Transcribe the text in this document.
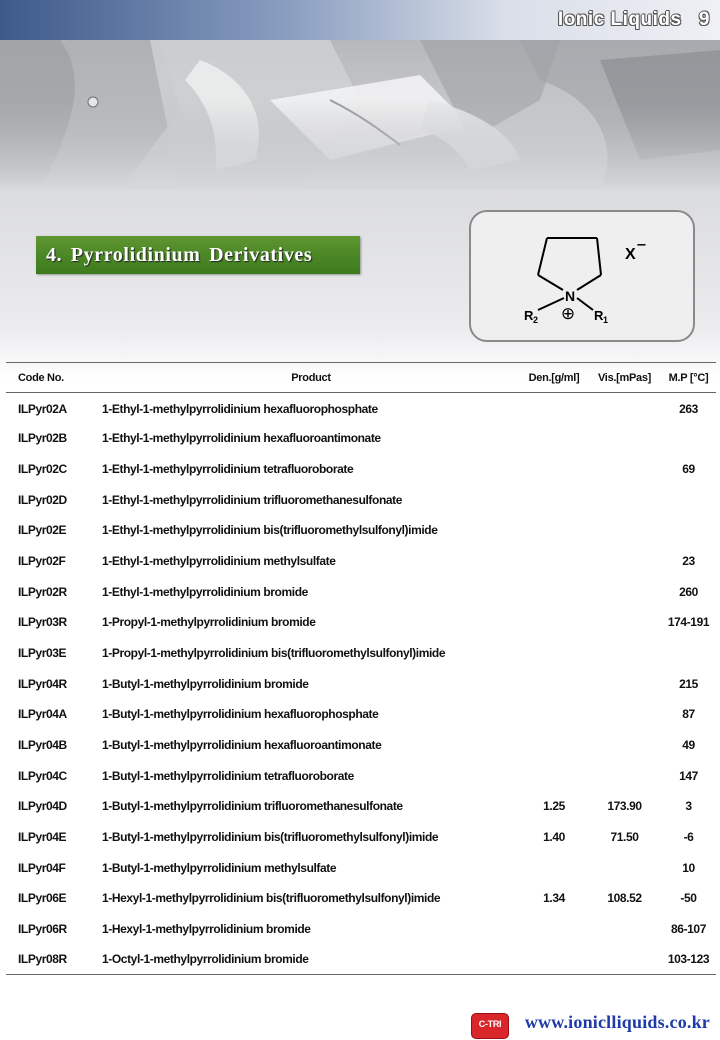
Ionic Liquids   9
4. Pyrrolidinium Derivatives
N
⊕
R 2	R 1
X
−
Code No.	Product	Den.[g/ml]	Vis.[mPas]	M.P [°C]
ILPyr02A	1-Ethyl-1-methylpyrrolidinium hexafluorophosphate			263
ILPyr02B	1-Ethyl-1-methylpyrrolidinium hexafluoroantimonate			
ILPyr02C	1-Ethyl-1-methylpyrrolidinium tetrafluoroborate			69
ILPyr02D	1-Ethyl-1-methylpyrrolidinium trifluoromethanesulfonate			
ILPyr02E	1-Ethyl-1-methylpyrrolidinium bis(trifluoromethylsulfonyl)imide			
ILPyr02F	1-Ethyl-1-methylpyrrolidinium methylsulfate			23
ILPyr02R	1-Ethyl-1-methylpyrrolidinium bromide			260
ILPyr03R	1-Propyl-1-methylpyrrolidinium bromide			174-191
ILPyr03E	1-Propyl-1-methylpyrrolidinium bis(trifluoromethylsulfonyl)imide			
ILPyr04R	1-Butyl-1-methylpyrrolidinium bromide			215
ILPyr04A	1-Butyl-1-methylpyrrolidinium hexafluorophosphate			87
ILPyr04B	1-Butyl-1-methylpyrrolidinium hexafluoroantimonate			49
ILPyr04C	1-Butyl-1-methylpyrrolidinium tetrafluoroborate			147
ILPyr04D	1-Butyl-1-methylpyrrolidinium trifluoromethanesulfonate	1.25	173.90	3
ILPyr04E	1-Butyl-1-methylpyrrolidinium bis(trifluoromethylsulfonyl)imide	1.40	71.50	-6
ILPyr04F	1-Butyl-1-methylpyrrolidinium methylsulfate			10
ILPyr06E	1-Hexyl-1-methylpyrrolidinium bis(trifluoromethylsulfonyl)imide	1.34	108.52	-50
ILPyr06R	1-Hexyl-1-methylpyrrolidinium bromide			86-107
ILPyr08R	1-Octyl-1-methylpyrrolidinium bromide			103-123
C-TRI	www.ioniclliquids.co.kr
